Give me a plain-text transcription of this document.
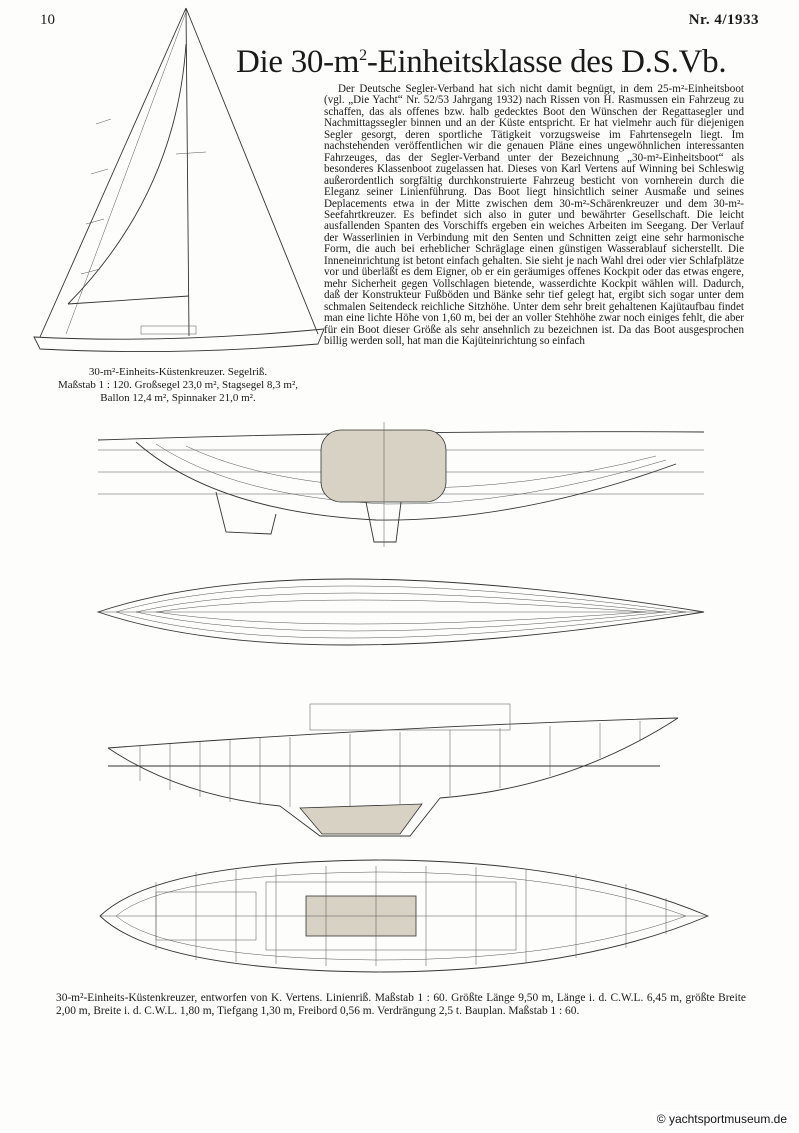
10	Nr. 4/1933
Die $30-m^2$-Einheitsklasse des D.S.Vb.
30-m²-Einheits-Küstenkreuzer. Segelriß.
Maßstab 1 : 120. Großsegel 23,0 m², Stagsegel 8,3 m²,
Ballon 12,4 m², Spinnaker 21,0 m².

Der Deutsche Segler-Verband hat sich nicht damit begnügt, in dem 25-m²-Einheitsboot (vgl. „Die Yacht“ Nr. 52/53 Jahrgang 1932) nach Rissen von H. Rasmussen ein Fahrzeug zu schaffen, das als offenes bzw. halb gedecktes Boot den Wünschen der Regattasegler und Nachmittagssegler binnen und an der Küste entspricht. Er hat vielmehr auch für diejenigen Segler gesorgt, deren sportliche Tätigkeit vorzugsweise im Fahrtensegeln liegt. Im nachstehenden veröffentlichen wir die genauen Pläne eines ungewöhnlichen interessanten Fahrzeuges, das der Segler-Verband unter der Bezeichnung „30-m²-Einheitsboot“ als besonderes Klassenboot zugelassen hat. Dieses von Karl Vertens auf Winning bei Schleswig außerordentlich sorgfältig durchkonstruierte Fahrzeug besticht von vornherein durch die Eleganz seiner Linienführung. Das Boot liegt hinsichtlich seiner Ausmaße und seines Deplacements etwa in der Mitte zwischen dem 30-m²-Schärenkreuzer und dem 30-m²-Seefahrtkreuzer. Es befindet sich also in guter und bewährter Gesellschaft. Die leicht ausfallenden Spanten des Vorschiffs ergeben ein weiches Arbeiten im Seegang. Der Verlauf der Wasserlinien in Verbindung mit den Senten und Schnitten zeigt eine sehr harmonische Form, die auch bei erheblicher Schräglage einen günstigen Wasserablauf sicherstellt. Die Inneneinrichtung ist betont einfach gehalten. Sie sieht je nach Wahl drei oder vier Schlafplätze vor und überläßt es dem Eigner, ob er ein geräumiges offenes Kockpit oder das etwas engere, mehr Sicherheit gegen Vollschlagen bietende, wasserdichte Kockpit wählen will. Dadurch, daß der Konstrukteur Fußböden und Bänke sehr tief gelegt hat, ergibt sich sogar unter dem schmalen Seitendeck reichliche Sitzhöhe. Unter dem sehr breit gehaltenen Kajütaufbau findet man eine lichte Höhe von 1,60 m, bei der an voller Stehhöhe zwar noch einiges fehlt, die aber für ein Boot dieser Größe als sehr ansehnlich zu bezeichnen ist. Da das Boot ausgesprochen billig werden soll, hat man die Kajüteinrichtung so einfach

30-m²-Einheits-Küstenkreuzer, entworfen von K. Vertens. Linienriß. Maßstab 1 : 60. Größte Länge 9,50 m, Länge i. d. C.W.L. 6,45 m, größte Breite 2,00 m, Breite i. d. C.W.L. 1,80 m, Tiefgang 1,30 m, Freibord 0,56 m. Verdrängung 2,5 t. Bauplan. Maßstab 1 : 60.
© yachtsportmuseum.de
